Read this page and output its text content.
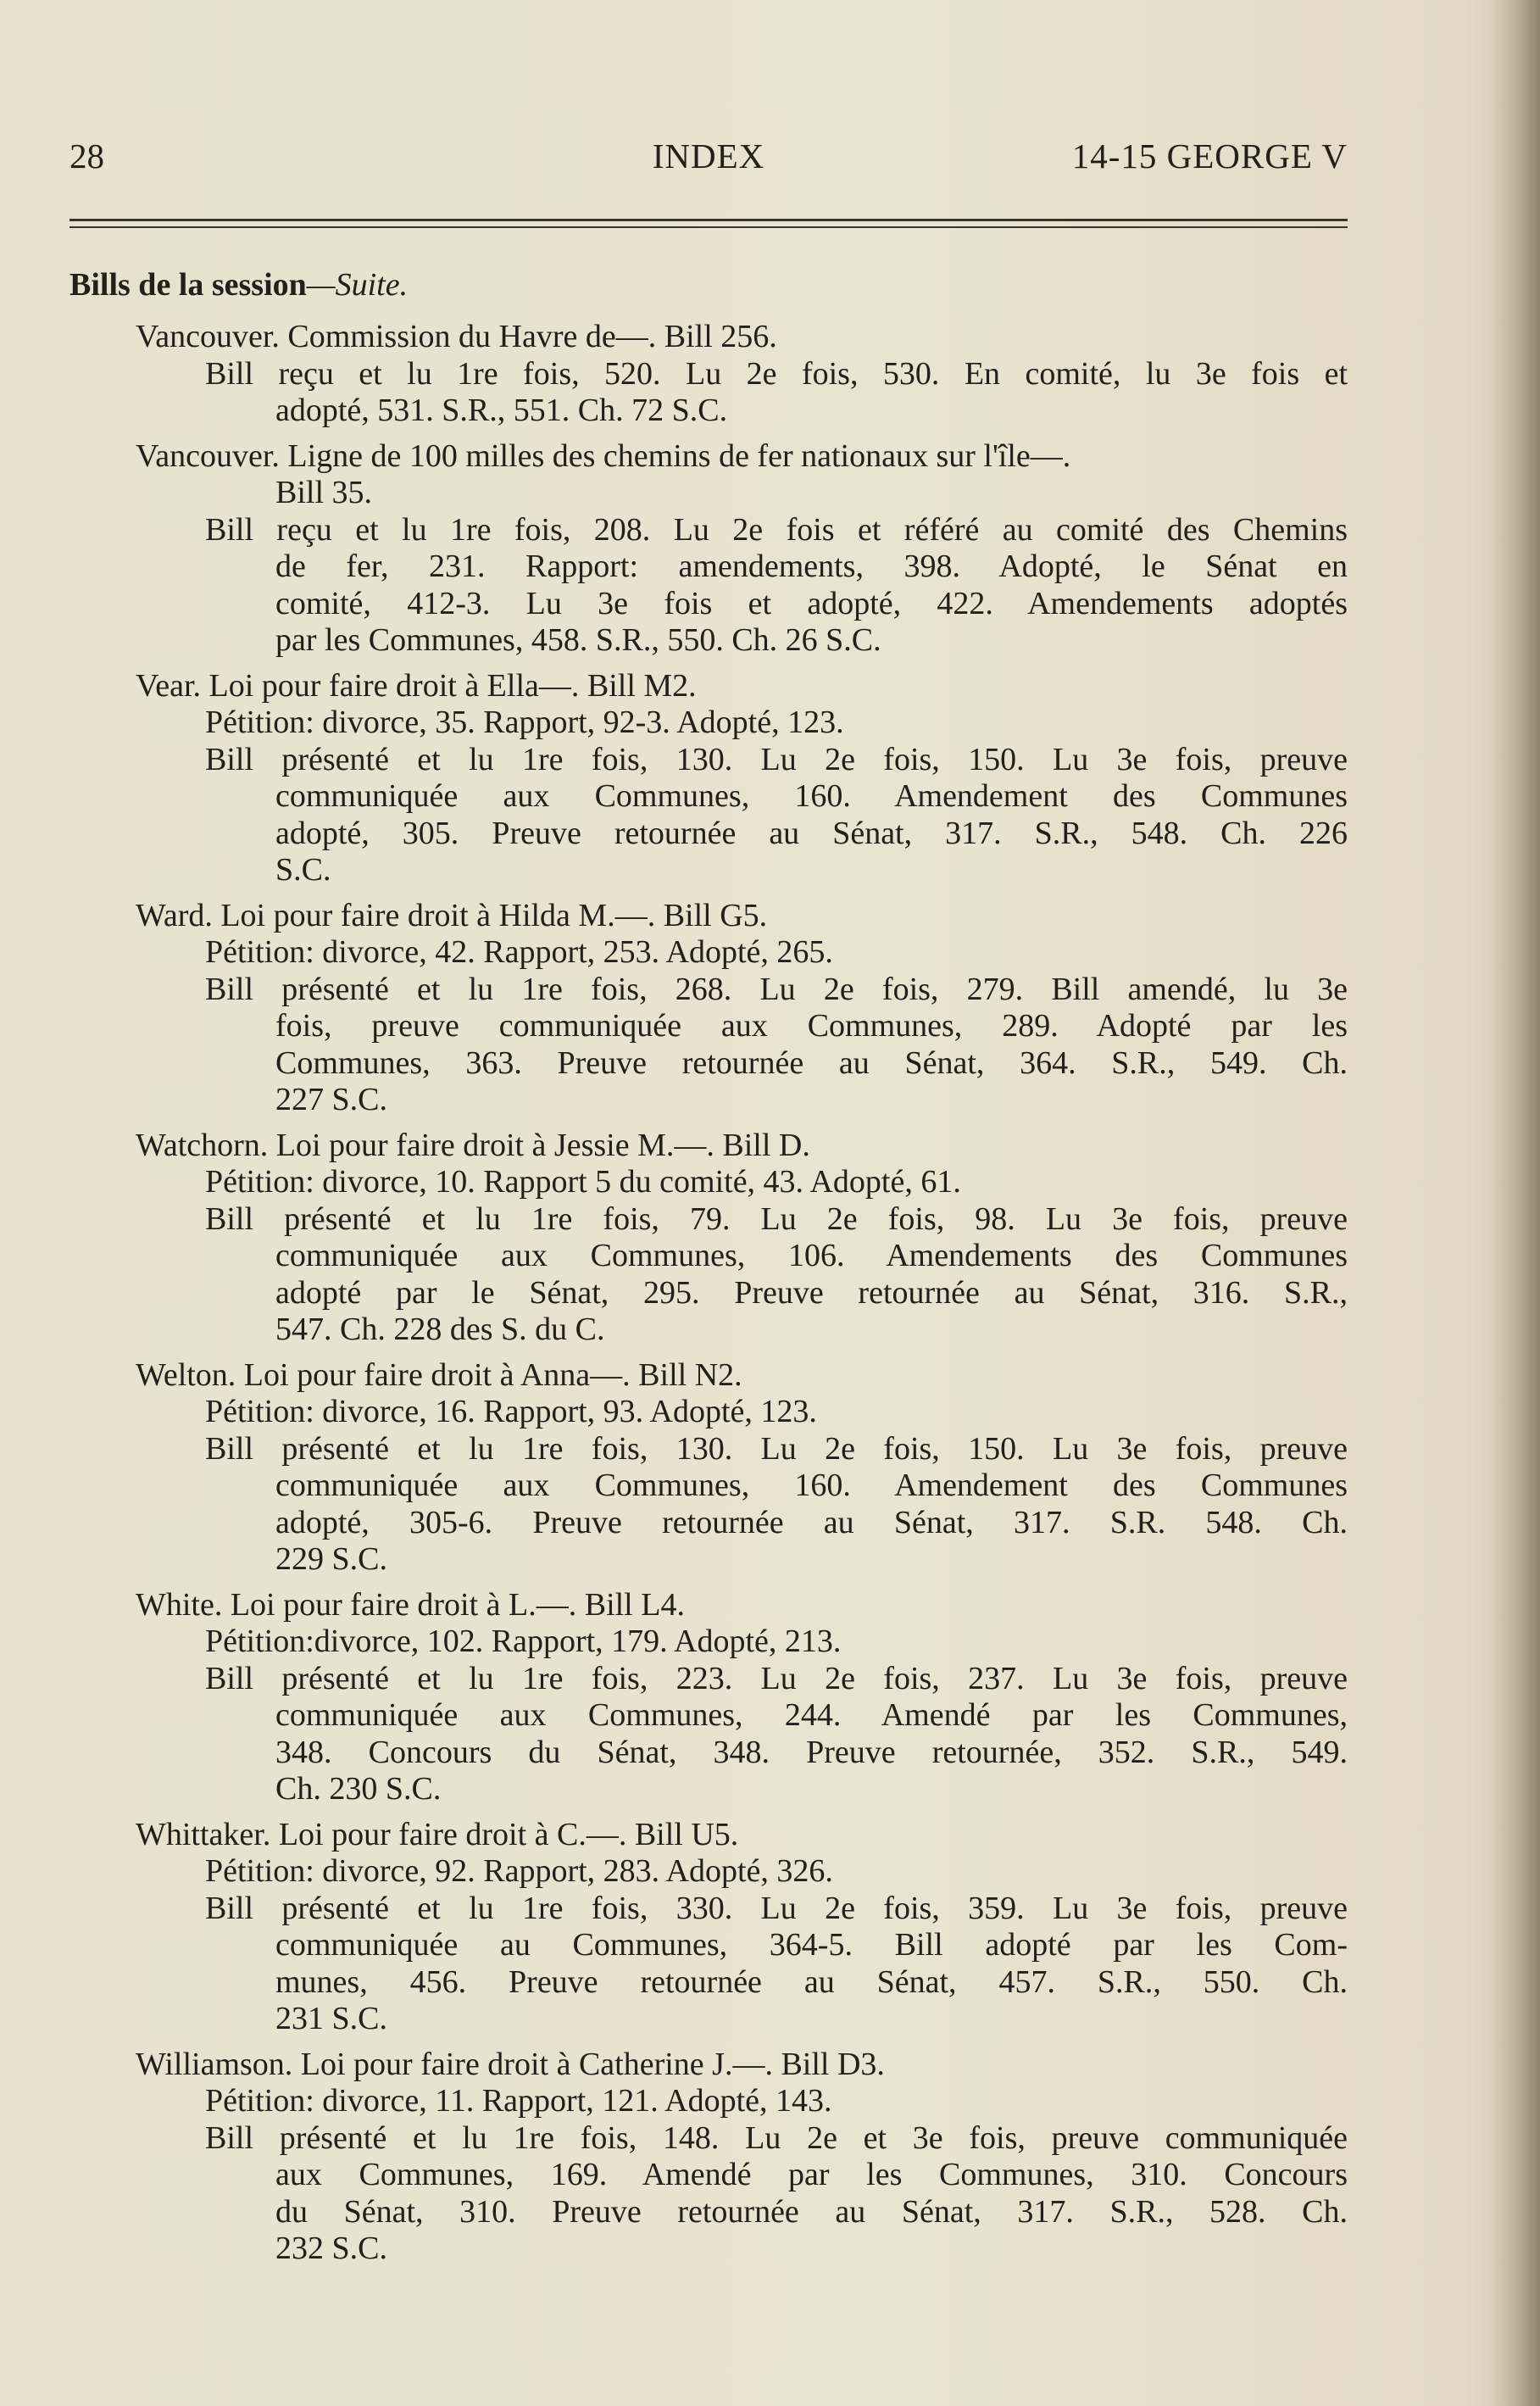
28	INDEX	14-15 GEORGE V
Bills de la session—Suite.
Vancouver. Commission du Havre de—. Bill 256.
Bill reçu et lu 1re fois, 520. Lu 2e fois, 530. En comité, lu 3e fois et
adopté, 531. S.R., 551. Ch. 72 S.C.
Vancouver. Ligne de 100 milles des chemins de fer nationaux sur l'île—.
Bill 35.
Bill reçu et lu 1re fois, 208. Lu 2e fois et référé au comité des Chemins
de fer, 231. Rapport: amendements, 398. Adopté, le Sénat en
comité, 412-3. Lu 3e fois et adopté, 422. Amendements adoptés
par les Communes, 458. S.R., 550. Ch. 26 S.C.
Vear. Loi pour faire droit à Ella—. Bill M2.
Pétition: divorce, 35. Rapport, 92-3. Adopté, 123.
Bill présenté et lu 1re fois, 130. Lu 2e fois, 150. Lu 3e fois, preuve
communiquée aux Communes, 160. Amendement des Communes
adopté, 305. Preuve retournée au Sénat, 317. S.R., 548. Ch. 226
S.C.
Ward. Loi pour faire droit à Hilda M.—. Bill G5.
Pétition: divorce, 42. Rapport, 253. Adopté, 265.
Bill présenté et lu 1re fois, 268. Lu 2e fois, 279. Bill amendé, lu 3e
fois, preuve communiquée aux Communes, 289. Adopté par les
Communes, 363. Preuve retournée au Sénat, 364. S.R., 549. Ch.
227 S.C.
Watchorn. Loi pour faire droit à Jessie M.—. Bill D.
Pétition: divorce, 10. Rapport 5 du comité, 43. Adopté, 61.
Bill présenté et lu 1re fois, 79. Lu 2e fois, 98. Lu 3e fois, preuve
communiquée aux Communes, 106. Amendements des Communes
adopté par le Sénat, 295. Preuve retournée au Sénat, 316. S.R.,
547. Ch. 228 des S. du C.
Welton. Loi pour faire droit à Anna—. Bill N2.
Pétition: divorce, 16. Rapport, 93. Adopté, 123.
Bill présenté et lu 1re fois, 130. Lu 2e fois, 150. Lu 3e fois, preuve
communiquée aux Communes, 160. Amendement des Communes
adopté, 305-6. Preuve retournée au Sénat, 317. S.R. 548. Ch.
229 S.C.
White. Loi pour faire droit à L.—. Bill L4.
Pétition:divorce, 102. Rapport, 179. Adopté, 213.
Bill présenté et lu 1re fois, 223. Lu 2e fois, 237. Lu 3e fois, preuve
communiquée aux Communes, 244. Amendé par les Communes,
348. Concours du Sénat, 348. Preuve retournée, 352. S.R., 549.
Ch. 230 S.C.
Whittaker. Loi pour faire droit à C.—. Bill U5.
Pétition: divorce, 92. Rapport, 283. Adopté, 326.
Bill présenté et lu 1re fois, 330. Lu 2e fois, 359. Lu 3e fois, preuve
communiquée au Communes, 364-5. Bill adopté par les Com-
munes, 456. Preuve retournée au Sénat, 457. S.R., 550. Ch.
231 S.C.
Williamson. Loi pour faire droit à Catherine J.—. Bill D3.
Pétition: divorce, 11. Rapport, 121. Adopté, 143.
Bill présenté et lu 1re fois, 148. Lu 2e et 3e fois, preuve communiquée
aux Communes, 169. Amendé par les Communes, 310. Concours
du Sénat, 310. Preuve retournée au Sénat, 317. S.R., 528. Ch.
232 S.C.
